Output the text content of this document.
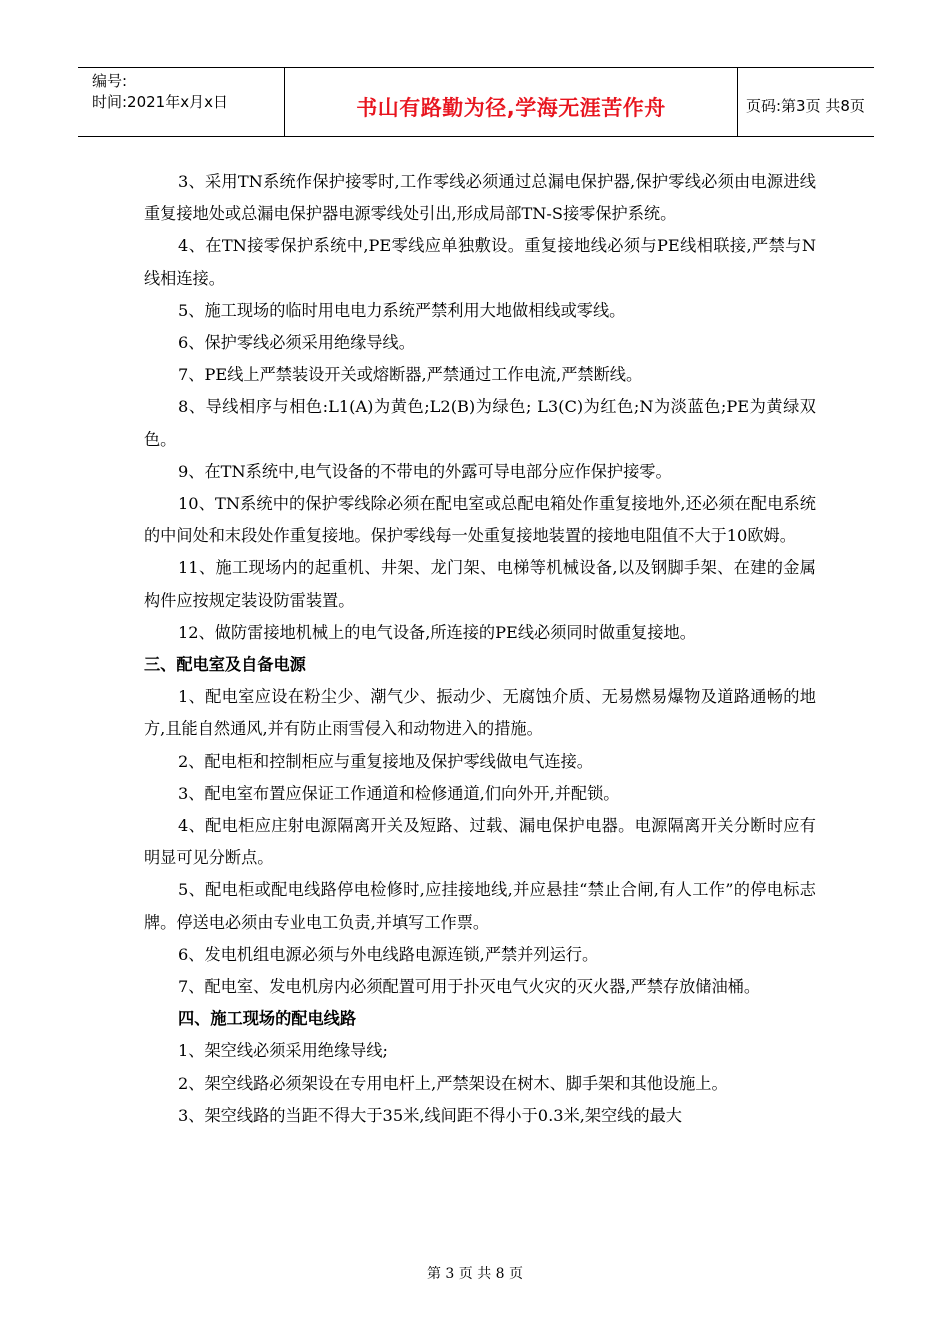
编号:
时间:2021年x月x日	书山有路勤为径,学海无涯苦作舟	页码:第3页 共8页

3、采用TN系统作保护接零时,工作零线必须通过总漏电保护器,保护零线必须由电源进线重复接地处或总漏电保护器电源零线处引出,形成局部TN-S接零保护系统。

4、在TN接零保护系统中,PE零线应单独敷设。重复接地线必须与PE线相联接,严禁与N线相连接。

5、施工现场的临时用电电力系统严禁利用大地做相线或零线。

6、保护零线必须采用绝缘导线。

7、PE线上严禁装设开关或熔断器,严禁通过工作电流,严禁断线。

8、导线相序与相色:L1(A)为黄色;L2(B)为绿色; L3(C)为红色;N为淡蓝色;PE为黄绿双色。

9、在TN系统中,电气设备的不带电的外露可导电部分应作保护接零。

10、TN系统中的保护零线除必须在配电室或总配电箱处作重复接地外,还必须在配电系统的中间处和末段处作重复接地。保护零线每一处重复接地装置的接地电阻值不大于10欧姆。

11、施工现场内的起重机、井架、龙门架、电梯等机械设备,以及钢脚手架、在建的金属构件应按规定装设防雷装置。

12、做防雷接地机械上的电气设备,所连接的PE线必须同时做重复接地。

三、配电室及自备电源

1、配电室应设在粉尘少、潮气少、振动少、无腐蚀介质、无易燃易爆物及道路通畅的地方,且能自然通风,并有防止雨雪侵入和动物进入的措施。

2、配电柜和控制柜应与重复接地及保护零线做电气连接。

3、配电室布置应保证工作通道和检修通道,们向外开,并配锁。

4、配电柜应庄射电源隔离开关及短路、过载、漏电保护电器。电源隔离开关分断时应有明显可见分断点。

5、配电柜或配电线路停电检修时,应挂接地线,并应悬挂“禁止合闸,有人工作”的停电标志牌。停送电必须由专业电工负责,并填写工作票。

6、发电机组电源必须与外电线路电源连锁,严禁并列运行。

7、配电室、发电机房内必须配置可用于扑灭电气火灾的灭火器,严禁存放储油桶。

四、施工现场的配电线路

1、架空线必须采用绝缘导线;

2、架空线路必须架设在专用电杆上,严禁架设在树木、脚手架和其他设施上。

3、架空线路的当距不得大于35米,线间距不得小于0.3米,架空线的最大

第 3 页 共 8 页
